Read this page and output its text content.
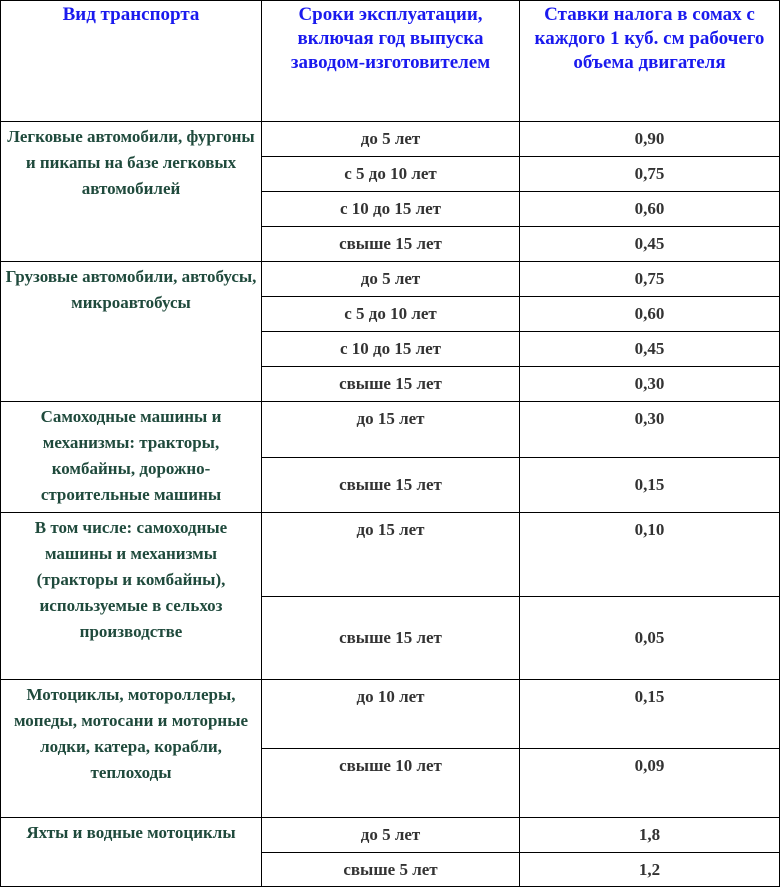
Вид транспорта	Сроки эксплуатации, включая год выпуска заводом-изготовителем	Ставки налога в сомах с каждого 1 куб. см рабочего объема двигателя
Легковые автомобили, фургоны и пикапы на базе легковых автомобилей	до 5 лет	0,90
	с 5 до 10 лет	0,75
	с 10 до 15 лет	0,60
	свыше 15 лет	0,45
Грузовые автомобили, автобусы, микроавтобусы	до 5 лет	0,75
	с 5 до 10 лет	0,60
	с 10 до 15 лет	0,45
	свыше 15 лет	0,30
Самоходные машины и механизмы: тракторы, комбайны, дорожно-строительные машины	до 15 лет	0,30
	свыше 15 лет	0,15
В том числе: самоходные машины и механизмы (тракторы и комбайны), используемые в сельхоз производстве	до 15 лет	0,10
	свыше 15 лет	0,05
Мотоциклы, мотороллеры, мопеды, мотосани и моторные лодки, катера, корабли, теплоходы	до 10 лет	0,15
	свыше 10 лет	0,09
Яхты и водные мотоциклы	до 5 лет	1,8
	свыше 5 лет	1,2
